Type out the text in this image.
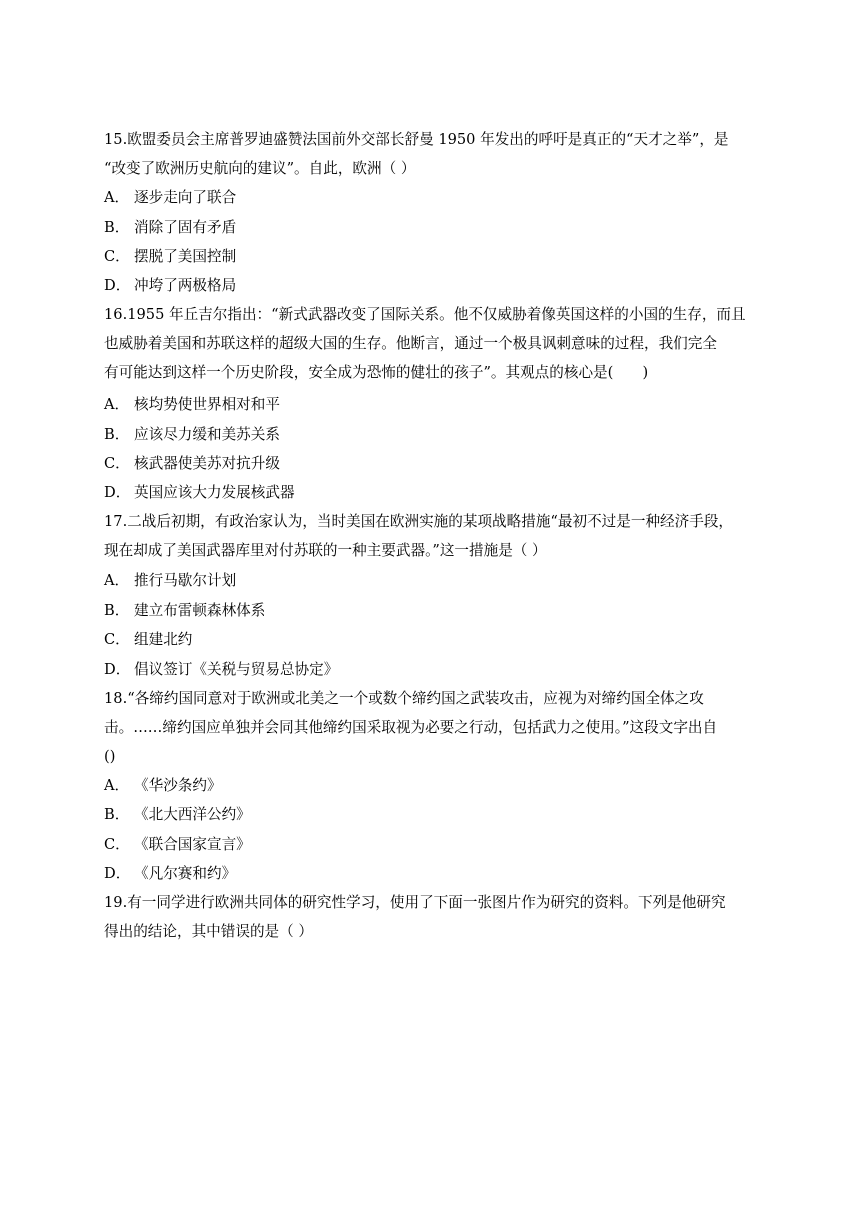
15.欧盟委员会主席普罗迪盛赞法国前外交部长舒曼 1950 年发出的呼吁是真正的“天才之举”，是
“改变了欧洲历史航向的建议”。自此，欧洲（ ）
A． 逐步走向了联合
B． 消除了固有矛盾
C． 摆脱了美国控制
D． 冲垮了两极格局
16.1955 年丘吉尔指出：“新式武器改变了国际关系。他不仅威胁着像英国这样的小国的生存，而且
也威胁着美国和苏联这样的超级大国的生存。他断言，通过一个极具讽刺意味的过程，我们完全
有可能达到这样一个历史阶段，安全成为恐怖的健壮的孩子”。其观点的核心是(　　)
A． 核均势使世界相对和平
B． 应该尽力缓和美苏关系
C． 核武器使美苏对抗升级
D． 英国应该大力发展核武器
17.二战后初期，有政治家认为，当时美国在欧洲实施的某项战略措施“最初不过是一种经济手段，
现在却成了美国武器库里对付苏联的一种主要武器。”这一措施是（ ）
A． 推行马歇尔计划
B． 建立布雷顿森林体系
C． 组建北约
D． 倡议签订《关税与贸易总协定》
18.“各缔约国同意对于欧洲或北美之一个或数个缔约国之武装攻击，应视为对缔约国全体之攻
击。……缔约国应单独并会同其他缔约国采取视为必要之行动，包括武力之使用。”这段文字出自
()
A． 《华沙条约》
B． 《北大西洋公约》
C． 《联合国家宣言》
D． 《凡尔赛和约》
19.有一同学进行欧洲共同体的研究性学习，使用了下面一张图片作为研究的资料。下列是他研究
得出的结论，其中错误的是（ ）
